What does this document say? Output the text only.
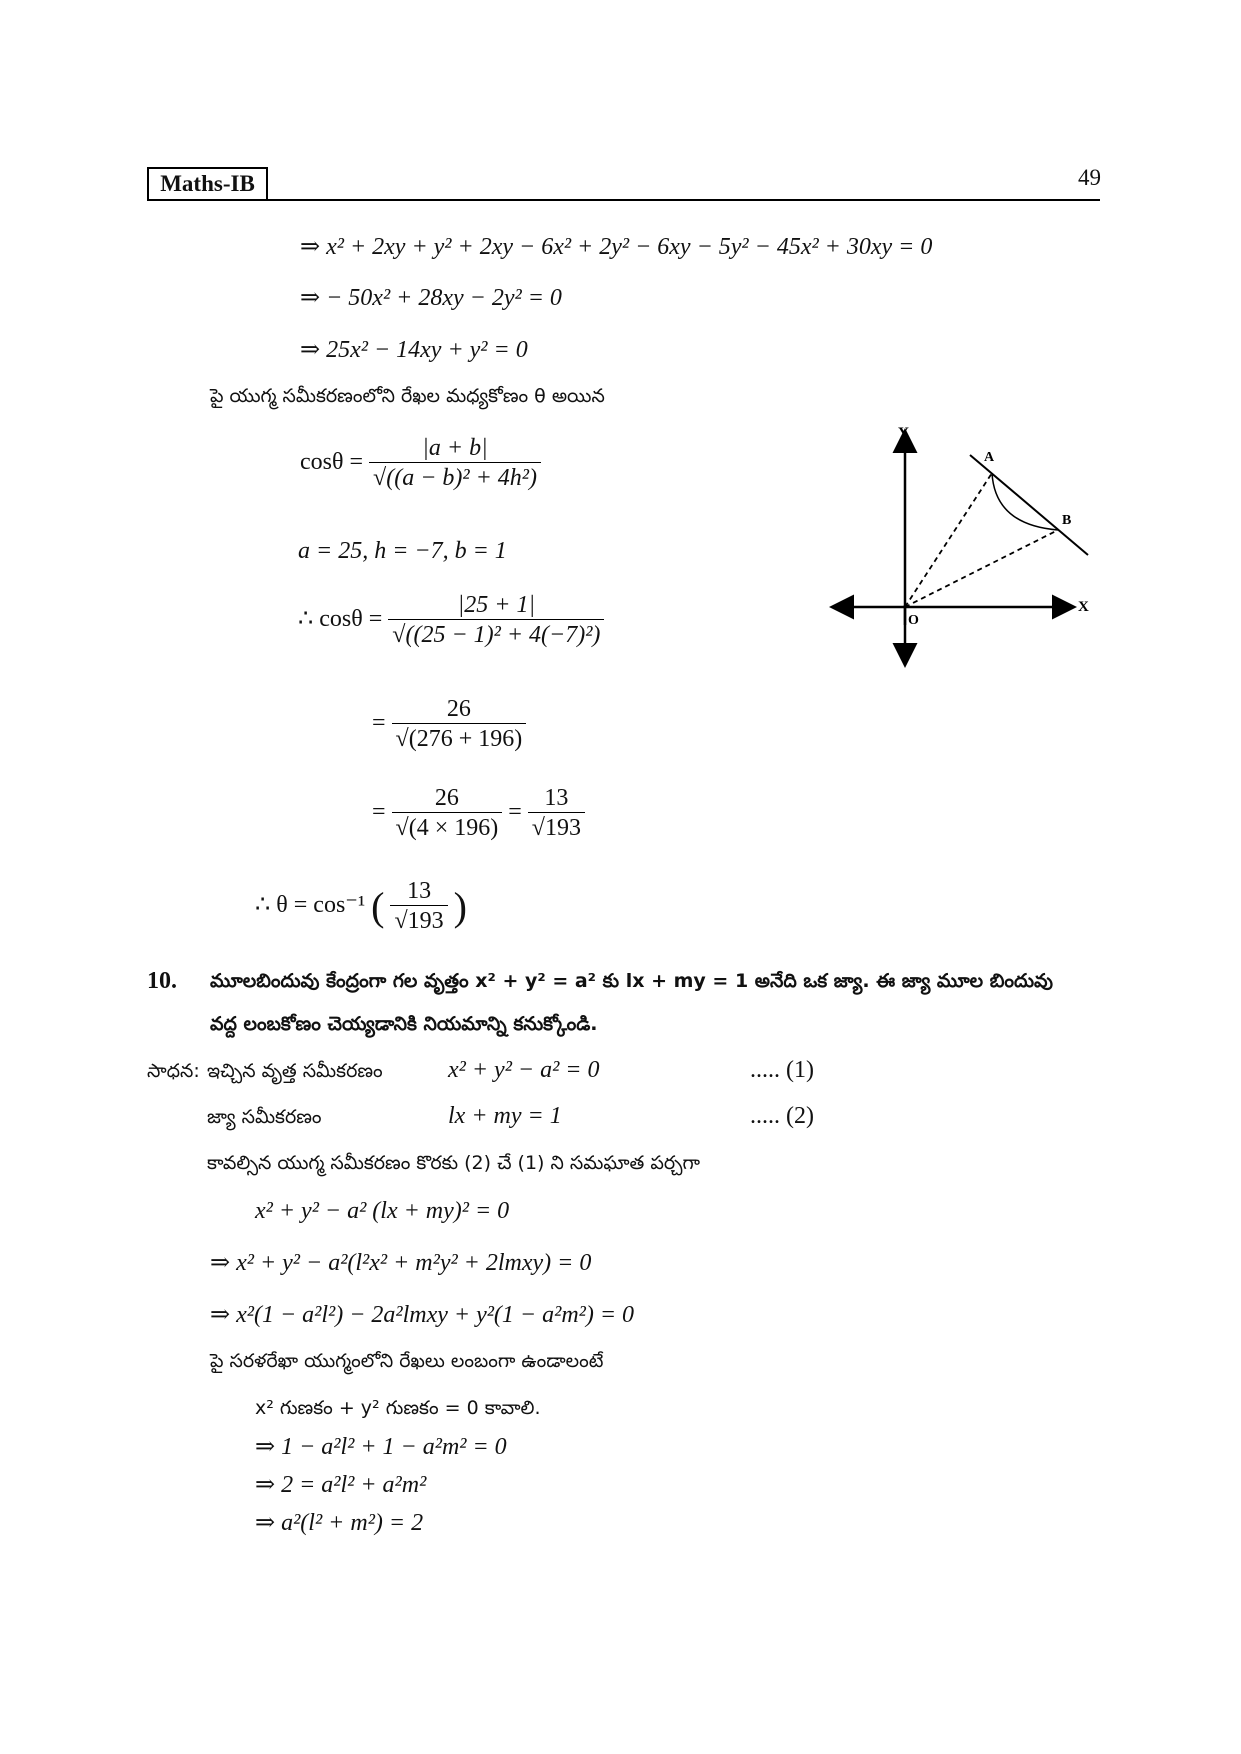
Maths-IB	49
⇒ x² + 2xy + y² + 2xy − 6x² + 2y² − 6xy − 5y² − 45x² + 30xy = 0
⇒ − 50x² + 28xy − 2y² = 0
⇒ 25x² − 14xy + y² = 0
పై యుగ్మ సమీకరణంలోని రేఖల మధ్యకోణం θ అయిన
$\cos\theta = \frac{|a + b|}{\text{√((a − b)² + 4h²)}}$
a = 25, h = −7, b = 1
∴ $\cos\theta = \frac{|25 + 1|}{\text{√((25 − 1)² + 4(−7)²)}}$
= $\frac{26}{√(276 + 196)}$
= $\frac{26}{√(4 \times 196)} = \frac{13}{√193}$
∴ θ = cos⁻¹ ( $\frac{13}{√193}$ )
Y
X
O
A
B
10. మూలబిందువు కేంద్రంగా గల వృత్తం x² + y² = a² కు lx + my = 1 అనేది ఒక జ్యా. ఈ జ్యా మూల బిందువు
వద్ద లంబకోణం చెయ్యడానికి నియమాన్ని కనుక్కోండి.
సాధన: ఇచ్చిన వృత్త సమీకరణం	x² + y² − a² = 0	..... (1)
జ్యా సమీకరణం	lx + my = 1	..... (2)
కావల్సిన యుగ్మ సమీకరణం కొరకు (2) చే (1) ని సమఘాత పర్చగా
x² + y² − a² (lx + my)² = 0
⇒ x² + y² − a²(l²x² + m²y² + 2lmxy) = 0
⇒ x²(1 − a²l²) − 2a²lmxy + y²(1 − a²m²) = 0
పై సరళరేఖా యుగ్మంలోని రేఖలు లంబంగా ఉండాలంటే
x² గుణకం + y² గుణకం = 0 కావాలి.
⇒ 1 − a²l² + 1 − a²m² = 0
⇒ 2 = a²l² + a²m²
⇒ a²(l² + m²) = 2
